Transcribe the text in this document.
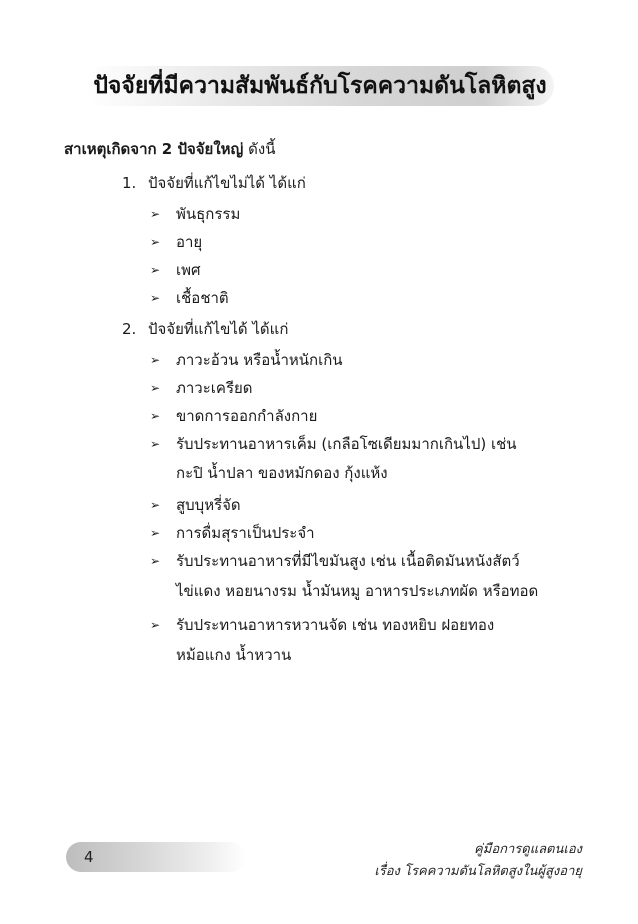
ปัจจัยที่มีความสัมพันธ์กับโรคความดันโลหิตสูง
สาเหตุเกิดจาก 2 ปัจจัยใหญ่ ดังนี้
1. ปัจจัยที่แก้ไขไม่ได้ ได้แก่
➢ พันธุกรรม
➢ อายุ
➢ เพศ
➢ เชื้อชาติ
2. ปัจจัยที่แก้ไขได้ ได้แก่
➢ ภาวะอ้วน หรือน้ำหนักเกิน
➢ ภาวะเครียด
➢ ขาดการออกกำลังกาย
➢ รับประทานอาหารเค็ม (เกลือโซเดียมมากเกินไป) เช่น
กะปิ น้ำปลา ของหมักดอง กุ้งแห้ง
➢ สูบบุหรี่จัด
➢ การดื่มสุราเป็นประจำ
➢ รับประทานอาหารที่มีไขมันสูง เช่น เนื้อติดมันหนังสัตว์
ไข่แดง หอยนางรม น้ำมันหมู อาหารประเภทผัด หรือทอด
➢ รับประทานอาหารหวานจัด เช่น ทองหยิบ ฝอยทอง
หม้อแกง น้ำหวาน
4	คู่มือการดูแลตนเอง
เรื่อง โรคความดันโลหิตสูงในผู้สูงอายุ
